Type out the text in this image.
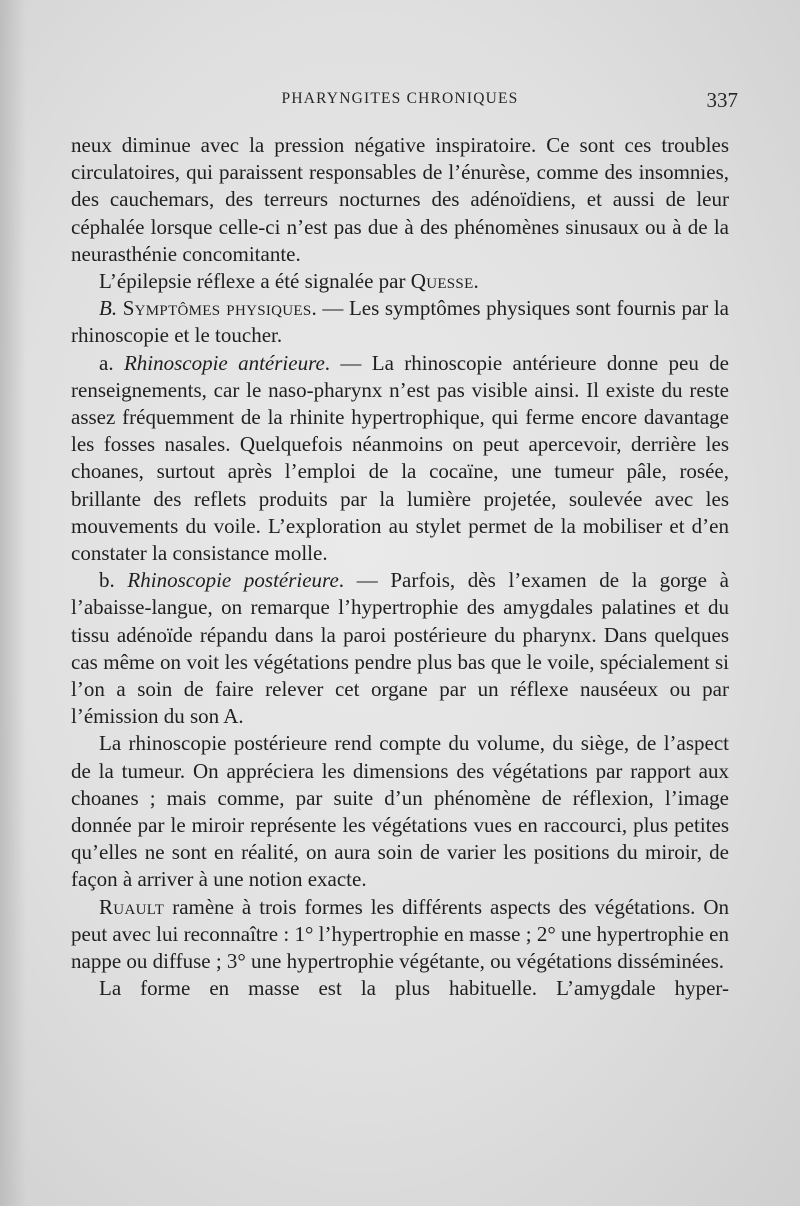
PHARYNGITES CHRONIQUES	337

neux diminue avec la pression négative inspiratoire. Ce sont ces troubles circulatoires, qui paraissent responsables de l’énurèse, comme des insomnies, des cauchemars, des terreurs nocturnes des adénoïdiens, et aussi de leur céphalée lorsque celle-ci n’est pas due à des phénomènes sinusaux ou à de la neurasthénie concomitante.

L’épilepsie réflexe a été signalée par Quesse.

B. Symptômes physiques. — Les symptômes physiques sont fournis par la rhinoscopie et le toucher.

a. Rhinoscopie antérieure. — La rhinoscopie antérieure donne peu de renseignements, car le naso-pharynx n’est pas visible ainsi. Il existe du reste assez fréquemment de la rhinite hypertrophique, qui ferme encore davantage les fosses nasales. Quelquefois néanmoins on peut apercevoir, derrière les choanes, surtout après l’emploi de la cocaïne, une tumeur pâle, rosée, brillante des reflets produits par la lumière projetée, soulevée avec les mouvements du voile. L’exploration au stylet permet de la mobiliser et d’en constater la consistance molle.

b. Rhinoscopie postérieure. — Parfois, dès l’examen de la gorge à l’abaisse-langue, on remarque l’hypertrophie des amygdales palatines et du tissu adénoïde répandu dans la paroi postérieure du pharynx. Dans quelques cas même on voit les végétations pendre plus bas que le voile, spécialement si l’on a soin de faire relever cet organe par un réflexe nauséeux ou par l’émission du son A.

La rhinoscopie postérieure rend compte du volume, du siège, de l’aspect de la tumeur. On appréciera les dimensions des végétations par rapport aux choanes ; mais comme, par suite d’un phénomène de réflexion, l’image donnée par le miroir représente les végétations vues en raccourci, plus petites qu’elles ne sont en réalité, on aura soin de varier les positions du miroir, de façon à arriver à une notion exacte.

Ruault ramène à trois formes les différents aspects des végétations. On peut avec lui reconnaître : 1° l’hypertrophie en masse ; 2° une hypertrophie en nappe ou diffuse ; 3° une hypertrophie végétante, ou végétations disséminées.

La forme en masse est la plus habituelle. L’amygdale hyper-
